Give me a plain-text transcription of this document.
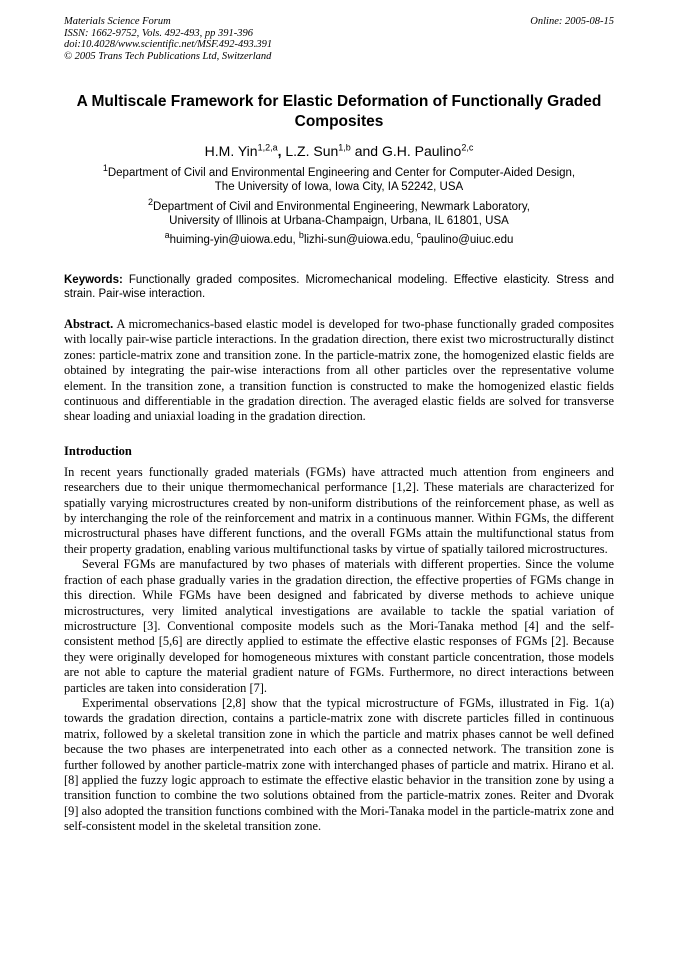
Materials Science Forum
ISSN: 1662-9752, Vols. 492-493, pp 391-396
doi:10.4028/www.scientific.net/MSF.492-493.391
© 2005 Trans Tech Publications Ltd, Switzerland
Online: 2005-08-15
A Multiscale Framework for Elastic Deformation of Functionally Graded Composites
H.M. Yin$^{1,2,a}$, L.Z. Sun$^{1,b}$ and G.H. Paulino$^{2,c}$
$^1$Department of Civil and Environmental Engineering and Center for Computer-Aided Design,
The University of Iowa, Iowa City, IA 52242, USA
$^2$Department of Civil and Environmental Engineering, Newmark Laboratory,
University of Illinois at Urbana-Champaign, Urbana, IL 61801, USA
$^a$huiming-yin@uiowa.edu, $^b$lizhi-sun@uiowa.edu, $^c$paulino@uiuc.edu
Keywords: Functionally graded composites. Micromechanical modeling. Effective elasticity. Stress and strain. Pair-wise interaction.
Abstract. A micromechanics-based elastic model is developed for two-phase functionally graded composites with locally pair-wise particle interactions. In the gradation direction, there exist two microstructurally distinct zones: particle-matrix zone and transition zone. In the particle-matrix zone, the homogenized elastic fields are obtained by integrating the pair-wise interactions from all other particles over the representative volume element. In the transition zone, a transition function is constructed to make the homogenized elastic fields continuous and differentiable in the gradation direction. The averaged elastic fields are solved for transverse shear loading and uniaxial loading in the gradation direction.
Introduction

In recent years functionally graded materials (FGMs) have attracted much attention from engineers and researchers due to their unique thermomechanical performance [1,2]. These materials are characterized for spatially varying microstructures created by non-uniform distributions of the reinforcement phase, as well as by interchanging the role of the reinforcement and matrix in a continuous manner. Within FGMs, the different microstructural phases have different functions, and the overall FGMs attain the multifunctional status from their property gradation, enabling various multifunctional tasks by virtue of spatially tailored microstructures.

Several FGMs are manufactured by two phases of materials with different properties. Since the volume fraction of each phase gradually varies in the gradation direction, the effective properties of FGMs change in this direction. While FGMs have been designed and fabricated by diverse methods to achieve unique microstructures, very limited analytical investigations are available to tackle the spatial variation of microstructure [3]. Conventional composite models such as the Mori-Tanaka method [4] and the self-consistent method [5,6] are directly applied to estimate the effective elastic responses of FGMs [2]. Because they were originally developed for homogeneous mixtures with constant particle concentration, those models are not able to capture the material gradient nature of FGMs. Furthermore, no direct interactions between particles are taken into consideration [7].

Experimental observations [2,8] show that the typical microstructure of FGMs, illustrated in Fig. 1(a) towards the gradation direction, contains a particle-matrix zone with discrete particles filled in continuous matrix, followed by a skeletal transition zone in which the particle and matrix phases cannot be well defined because the two phases are interpenetrated into each other as a connected network. The transition zone is further followed by another particle-matrix zone with interchanged phases of particle and matrix. Hirano et al. [8] applied the fuzzy logic approach to estimate the effective elastic behavior in the transition zone by using a transition function to combine the two solutions obtained from the particle-matrix zones. Reiter and Dvorak [9] also adopted the transition functions combined with the Mori-Tanaka model in the particle-matrix zone and self-consistent model in the skeletal transition zone.
